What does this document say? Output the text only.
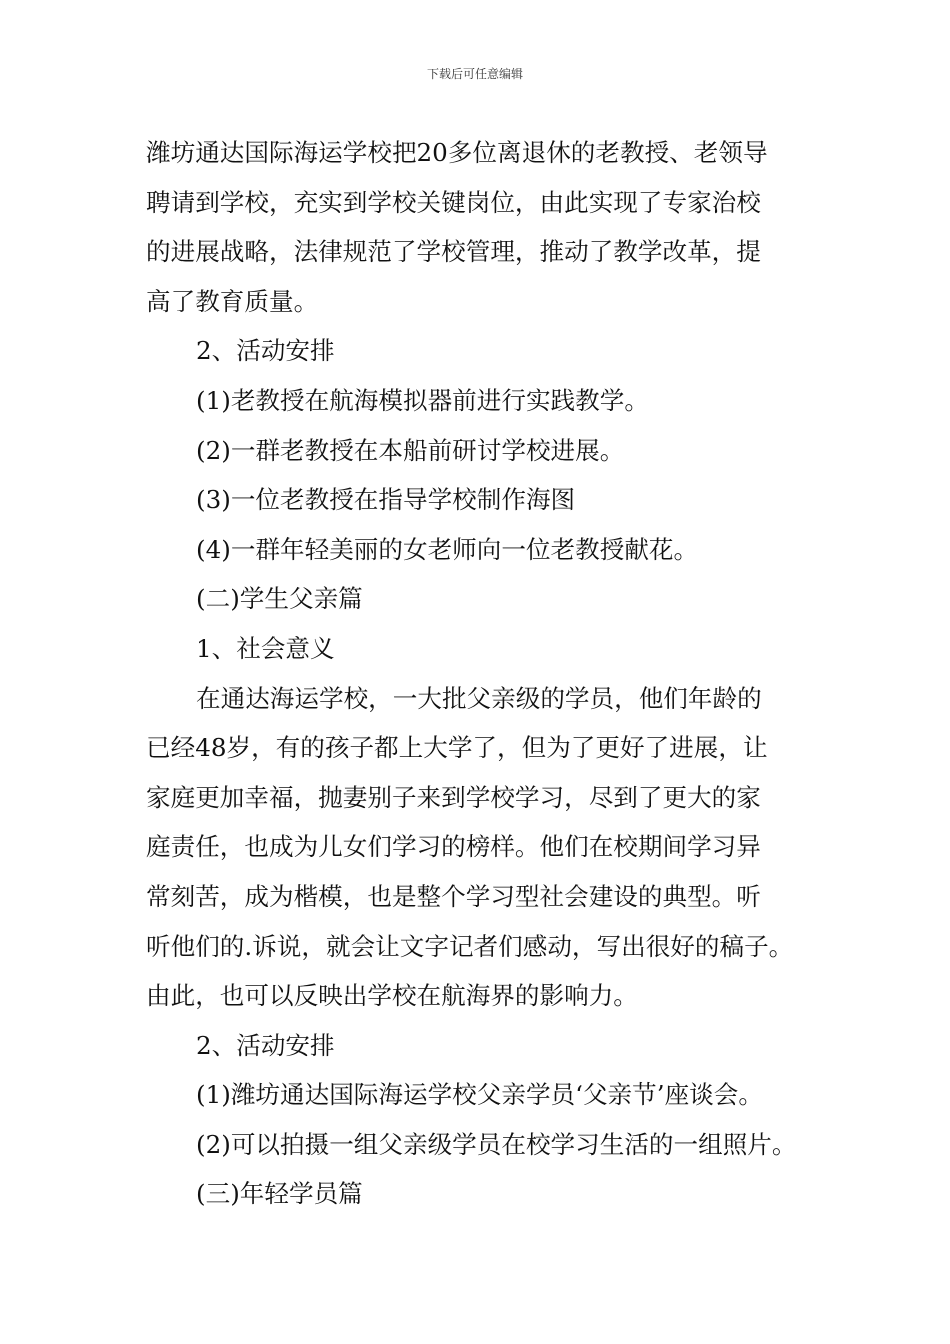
下载后可任意编辑
潍坊通达国际海运学校把20多位离退休的老教授、老领导
聘请到学校，充实到学校关键岗位，由此实现了专家治校
的进展战略，法律规范了学校管理，推动了教学改革，提
高了教育质量。
2、活动安排
(1)老教授在航海模拟器前进行实践教学。
(2)一群老教授在本船前研讨学校进展。
(3)一位老教授在指导学校制作海图
(4)一群年轻美丽的女老师向一位老教授献花。
(二)学生父亲篇
1、社会意义
在通达海运学校，一大批父亲级的学员，他们年龄的
已经48岁，有的孩子都上大学了，但为了更好了进展，让
家庭更加幸福，抛妻别子来到学校学习，尽到了更大的家
庭责任，也成为儿女们学习的榜样。他们在校期间学习异
常刻苦，成为楷模，也是整个学习型社会建设的典型。听
听他们的.诉说，就会让文字记者们感动，写出很好的稿子。
由此，也可以反映出学校在航海界的影响力。
2、活动安排
(1)潍坊通达国际海运学校父亲学员‘父亲节’座谈会。
(2)可以拍摄一组父亲级学员在校学习生活的一组照片。
(三)年轻学员篇
